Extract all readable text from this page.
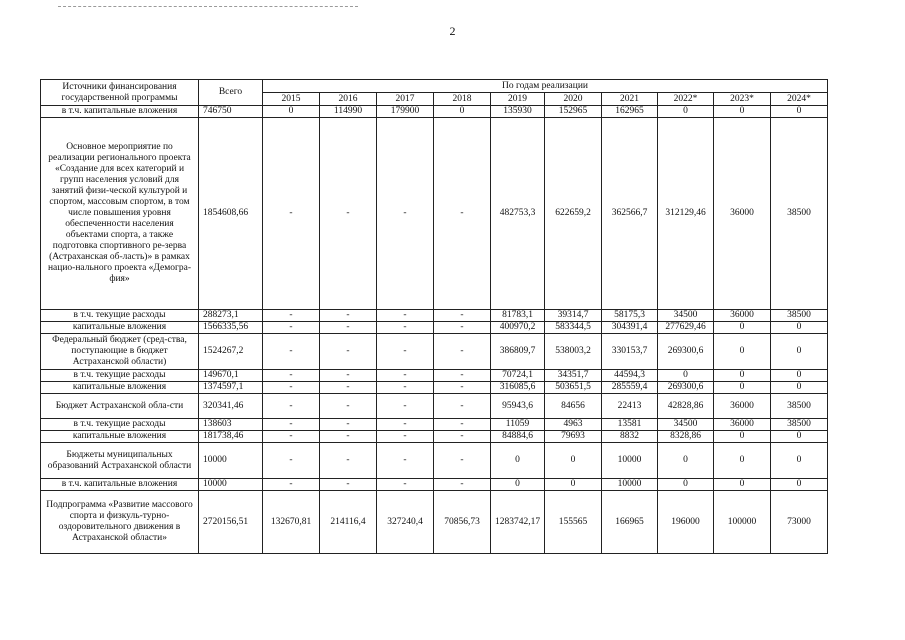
2
Источники финансирования государственной программы	Всего	По годам реализации									
		2015	2016	2017	2018	2019	2020	2021	2022*	2023*	2024*
в т.ч. капитальные вложения	746750	0	114990	179900	0	135930	152965	162965	0	0	0
Основное мероприятие по реализации регионального проекта «Создание для всех категорий и групп населения условий для занятий физи-ческой культурой и спортом, массовым спортом, в том числе повышения уровня обеспеченности населения объектами спорта, а также подготовка спортивного ре-зерва (Астраханская об-ласть)» в рамках нацио-нального проекта «Демогра-фия»	1854608,66	-	-	-	-	482753,3	622659,2	362566,7	312129,46	36000	38500
в т.ч. текущие расходы	288273,1	-	-	-	-	81783,1	39314,7	58175,3	34500	36000	38500
капитальные вложения	1566335,56	-	-	-	-	400970,2	583344,5	304391,4	277629,46	0	0
Федеральный бюджет (сред-ства, поступающие в бюджет Астраханской области)	1524267,2	-	-	-	-	386809,7	538003,2	330153,7	269300,6	0	0
в т.ч. текущие расходы	149670,1	-	-	-	-	70724,1	34351,7	44594,3	0	0	0
капитальные вложения	1374597,1	-	-	-	-	316085,6	503651,5	285559,4	269300,6	0	0
Бюджет Астраханской обла-сти	320341,46	-	-	-	-	95943,6	84656	22413	42828,86	36000	38500
в т.ч. текущие расходы	138603	-	-	-	-	11059	4963	13581	34500	36000	38500
капитальные вложения	181738,46	-	-	-	-	84884,6	79693	8832	8328,86	0	0
Бюджеты муниципальных образований Астраханской области	10000	-	-	-	-	0	0	10000	0	0	0
в т.ч. капитальные вложения	10000	-	-	-	-	0	0	10000	0	0	0
Подпрограмма «Развитие массового спорта и физкуль-турно-оздоровительного движения в Астраханской области»	2720156,51	132670,81	214116,4	327240,4	70856,73	1283742,17	155565	166965	196000	100000	73000
